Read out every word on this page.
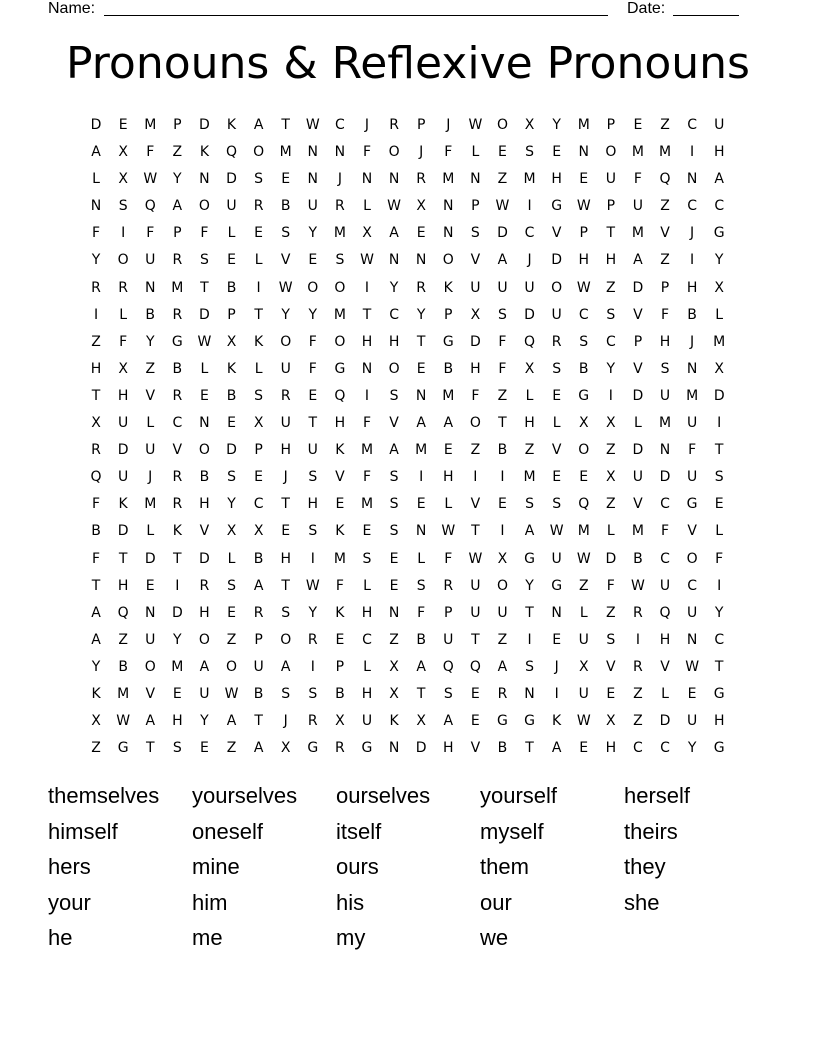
Name:	Date:
Pronouns & Reflexive Pronouns
D	E	M	P	D	K	A	T	W	C	J	R	P	J	W	O	X	Y	M	P	E	Z	C	U
A	X	F	Z	K	Q	O	M	N	N	F	O	J	F	L	E	S	E	N	O	M	M	I	H
L	X	W	Y	N	D	S	E	N	J	N	N	R	M	N	Z	M	H	E	U	F	Q	N	A
N	S	Q	A	O	U	R	B	U	R	L	W	X	N	P	W	I	G	W	P	U	Z	C	C
F	I	F	P	F	L	E	S	Y	M	X	A	E	N	S	D	C	V	P	T	M	V	J	G
Y	O	U	R	S	E	L	V	E	S	W	N	N	O	V	A	J	D	H	H	A	Z	I	Y
R	R	N	M	T	B	I	W	O	O	I	Y	R	K	U	U	U	O	W	Z	D	P	H	X
I	L	B	R	D	P	T	Y	Y	M	T	C	Y	P	X	S	D	U	C	S	V	F	B	L
Z	F	Y	G	W	X	K	O	F	O	H	H	T	G	D	F	Q	R	S	C	P	H	J	M
H	X	Z	B	L	K	L	U	F	G	N	O	E	B	H	F	X	S	B	Y	V	S	N	X
T	H	V	R	E	B	S	R	E	Q	I	S	N	M	F	Z	L	E	G	I	D	U	M	D
X	U	L	C	N	E	X	U	T	H	F	V	A	A	O	T	H	L	X	X	L	M	U	I
R	D	U	V	O	D	P	H	U	K	M	A	M	E	Z	B	Z	V	O	Z	D	N	F	T
Q	U	J	R	B	S	E	J	S	V	F	S	I	H	I	I	M	E	E	X	U	D	U	S
F	K	M	R	H	Y	C	T	H	E	M	S	E	L	V	E	S	S	Q	Z	V	C	G	E
B	D	L	K	V	X	X	E	S	K	E	S	N	W	T	I	A	W	M	L	M	F	V	L
F	T	D	T	D	L	B	H	I	M	S	E	L	F	W	X	G	U	W	D	B	C	O	F
T	H	E	I	R	S	A	T	W	F	L	E	S	R	U	O	Y	G	Z	F	W	U	C	I
A	Q	N	D	H	E	R	S	Y	K	H	N	F	P	U	U	T	N	L	Z	R	Q	U	Y
A	Z	U	Y	O	Z	P	O	R	E	C	Z	B	U	T	Z	I	E	U	S	I	H	N	C
Y	B	O	M	A	O	U	A	I	P	L	X	A	Q	Q	A	S	J	X	V	R	V	W	T
K	M	V	E	U	W	B	S	S	B	H	X	T	S	E	R	N	I	U	E	Z	L	E	G
X	W	A	H	Y	A	T	J	R	X	U	K	X	A	E	G	G	K	W	X	Z	D	U	H
Z	G	T	S	E	Z	A	X	G	R	G	N	D	H	V	B	T	A	E	H	C	C	Y	G
themselves	yourselves	ourselves	yourself	herself
himself	oneself	itself	myself	theirs
hers	mine	ours	them	they
your	him	his	our	she
he	me	my	we
